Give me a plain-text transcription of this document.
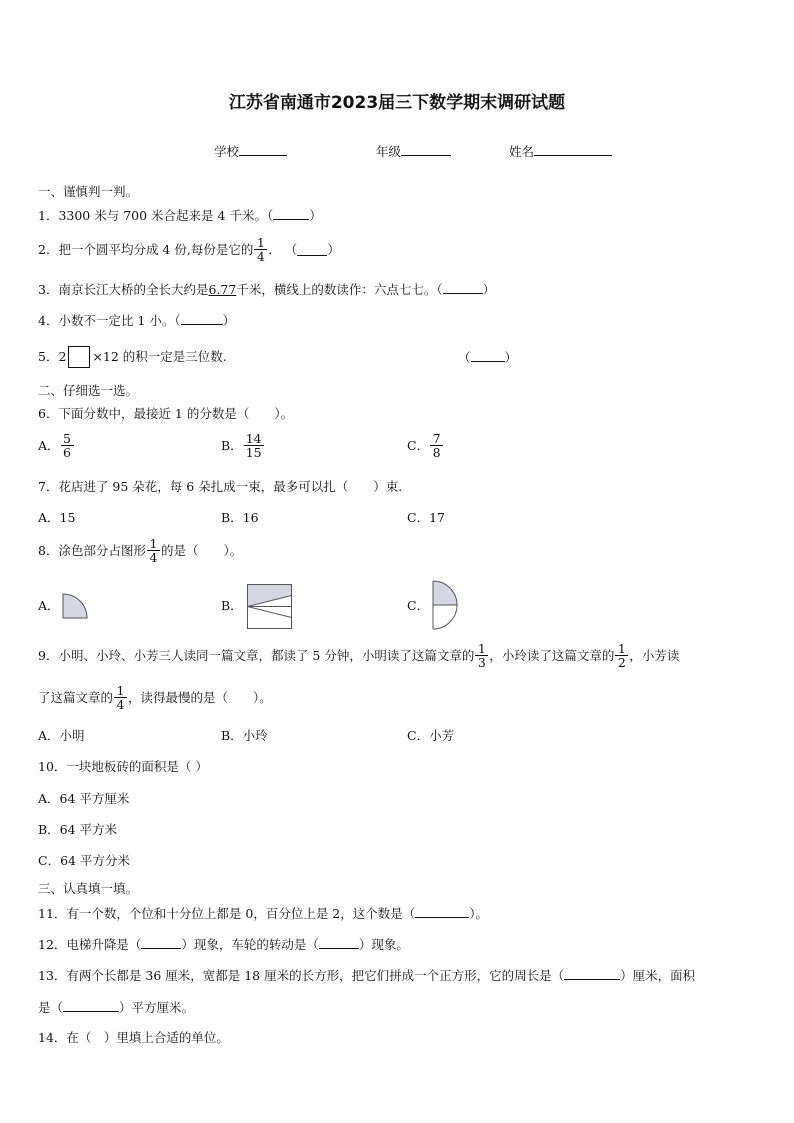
江苏省南通市2023届三下数学期末调研试题
学校	年级	姓名
一、谨慎判一判。
1．3300 米与 700 米合起来是 4 千米。（	）
2．把一个圆平均分成 4 份,每份是它的 $\frac{1}{4}$ ． （ ）
3．南京长江大桥的全长大约是6.77千米，横线上的数读作：六点七七。（	）
4．小数不一定比 1 小。（	）
5．2 ×12 的积一定是三位数.	（	）
二、仔细选一选。
6．下面分数中，最接近 1 的分数是（　　）。
A． $\frac{5}{6}$	B． $\frac{14}{15}$	C． $\frac{7}{8}$
7．花店进了 95 朵花，每 6 朵扎成一束，最多可以扎（　　）束.
A．15	B．16	C．17
8．涂色部分占图形 $\frac{1}{4}$ 的是（　　）。
A．	B．	C．
9．小明、小玲、小芳三人读同一篇文章，都读了 5 分钟，小明读了这篇文章的 $\frac{1}{3}$ ，小玲读了这篇文章的 $\frac{1}{2}$ ，小芳读
了这篇文章的 $\frac{1}{4}$ ，读得最慢的是（　　）。
A．小明	B．小玲	C．小芳
10．一块地板砖的面积是（ ）
A．64 平方厘米
B．64 平方米
C．64 平方分米
三、认真填一填。
11．有一个数，个位和十分位上都是 0，百分位上是 2，这个数是（	）。
12．电梯升降是（	）现象，车轮的转动是（	）现象。
13．有两个长都是 36 厘米，宽都是 18 厘米的长方形，把它们拼成一个正方形，它的周长是（	）厘米，面积
是（	）平方厘米。
14．在（　）里填上合适的单位。
